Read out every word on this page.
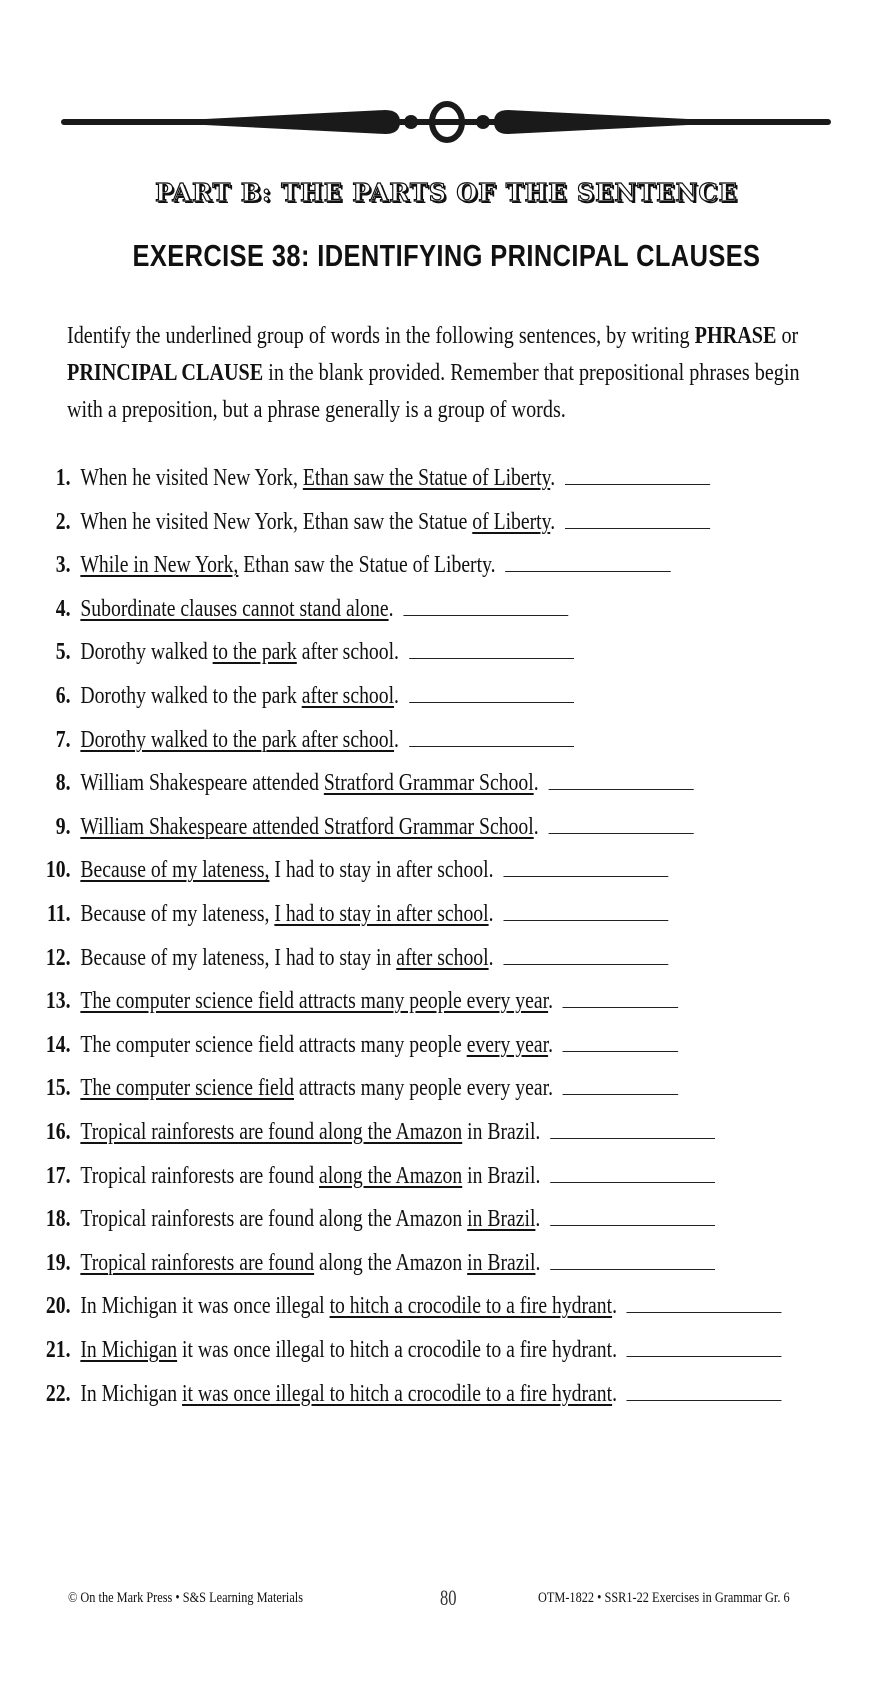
PART B: THE PARTS OF THE SENTENCE
EXERCISE 38: IDENTIFYING PRINCIPAL CLAUSES
Identify the underlined group of words in the following sentences, by writing PHRASE or
PRINCIPAL CLAUSE in the blank provided. Remember that prepositional phrases begin
with a preposition, but a phrase generally is a group of words.
1. When he visited New York, Ethan saw the Statue of Liberty.
2. When he visited New York, Ethan saw the Statue of Liberty.
3. While in New York, Ethan saw the Statue of Liberty.
4. Subordinate clauses cannot stand alone.
5. Dorothy walked to the park after school.
6. Dorothy walked to the park after school.
7. Dorothy walked to the park after school.
8. William Shakespeare attended Stratford Grammar School.
9. William Shakespeare attended Stratford Grammar School.
10. Because of my lateness, I had to stay in after school.
11. Because of my lateness, I had to stay in after school.
12. Because of my lateness, I had to stay in after school.
13. The computer science field attracts many people every year.
14. The computer science field attracts many people every year.
15. The computer science field attracts many people every year.
16. Tropical rainforests are found along the Amazon in Brazil.
17. Tropical rainforests are found along the Amazon in Brazil.
18. Tropical rainforests are found along the Amazon in Brazil.
19. Tropical rainforests are found along the Amazon in Brazil.
20. In Michigan it was once illegal to hitch a crocodile to a fire hydrant.
21. In Michigan it was once illegal to hitch a crocodile to a fire hydrant.
22. In Michigan it was once illegal to hitch a crocodile to a fire hydrant.
© On the Mark Press • S&S Learning Materials	80	OTM-1822 • SSR1-22 Exercises in Grammar Gr. 6
